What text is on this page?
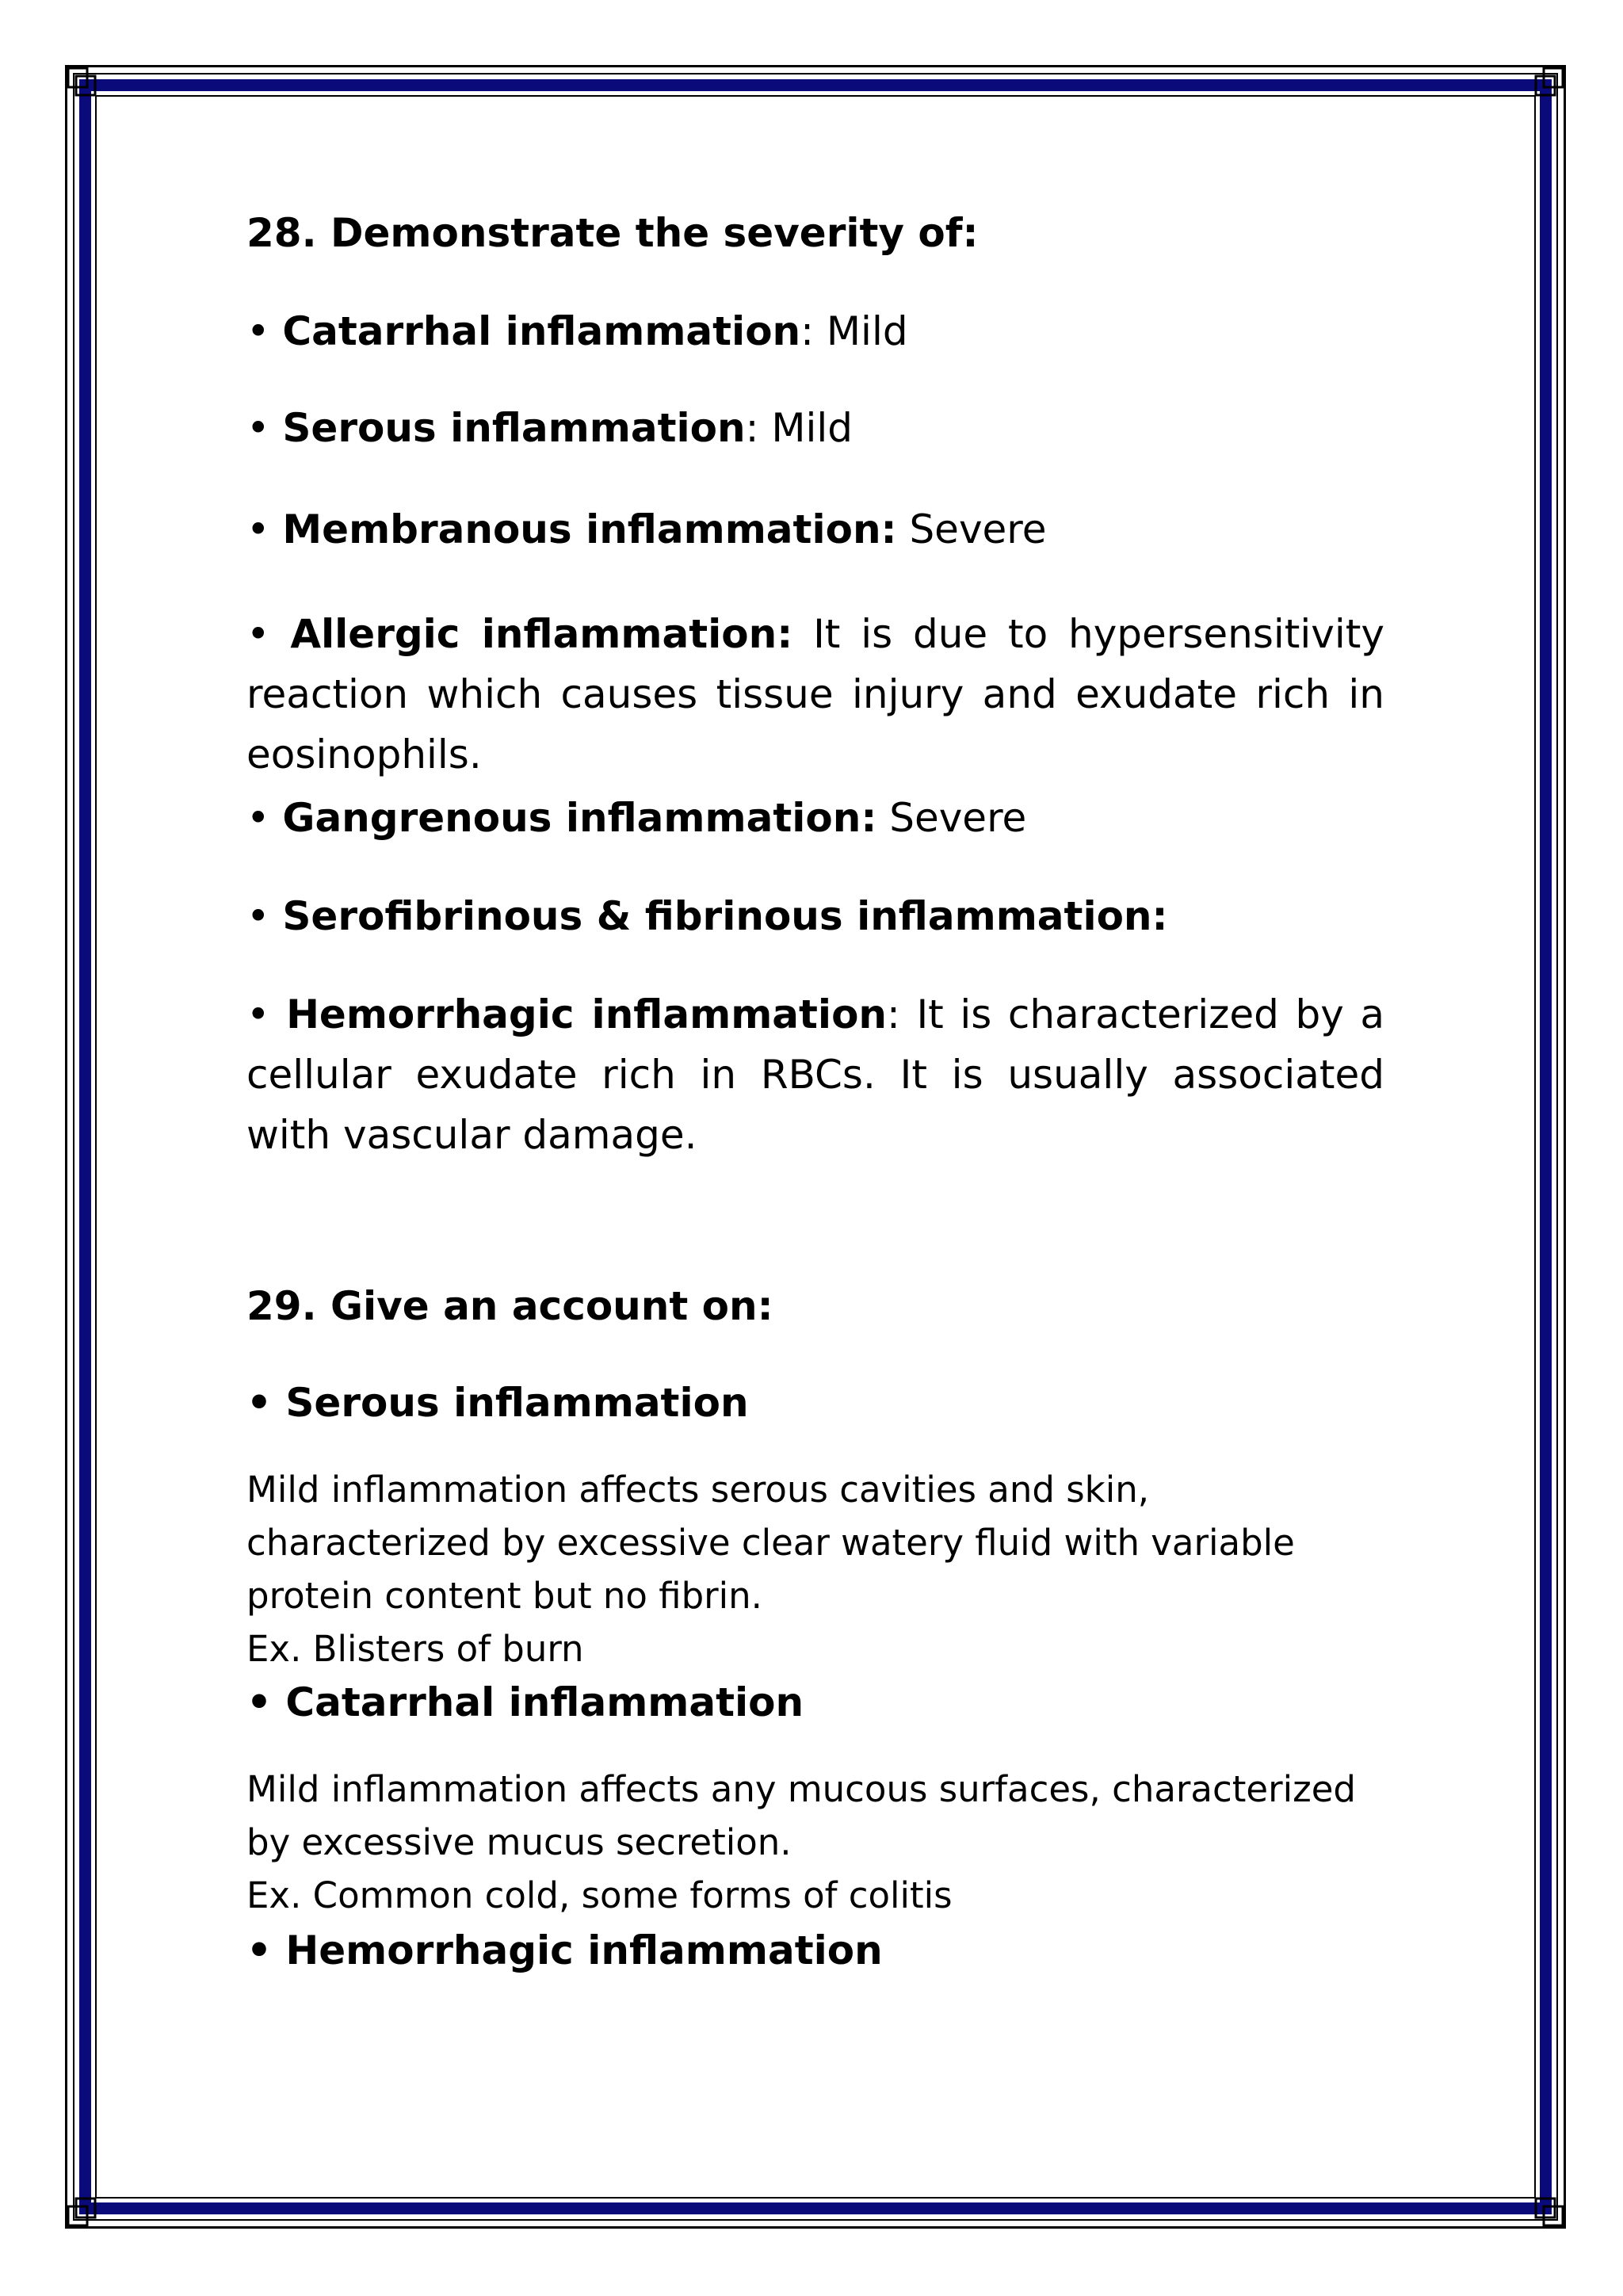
28. Demonstrate the severity of:

• Catarrhal inflammation: Mild

• Serous inflammation: Mild

• Membranous inflammation: Severe

• Allergic inflammation: It is due to hypersensitivity reaction which causes tissue injury and exudate rich in eosinophils.

• Gangrenous inflammation: Severe

• Serofibrinous & fibrinous inflammation:

• Hemorrhagic inflammation: It is characterized by a cellular exudate rich in RBCs. It is usually associated with vascular damage.

29. Give an account on:

• Serous inflammation

Mild inflammation affects serous cavities and skin, characterized by excessive clear watery fluid with variable protein content but no fibrin.

Ex. Blisters of burn

• Catarrhal inflammation

Mild inflammation affects any mucous surfaces, characterized by excessive mucus secretion.

Ex. Common cold, some forms of colitis

• Hemorrhagic inflammation
